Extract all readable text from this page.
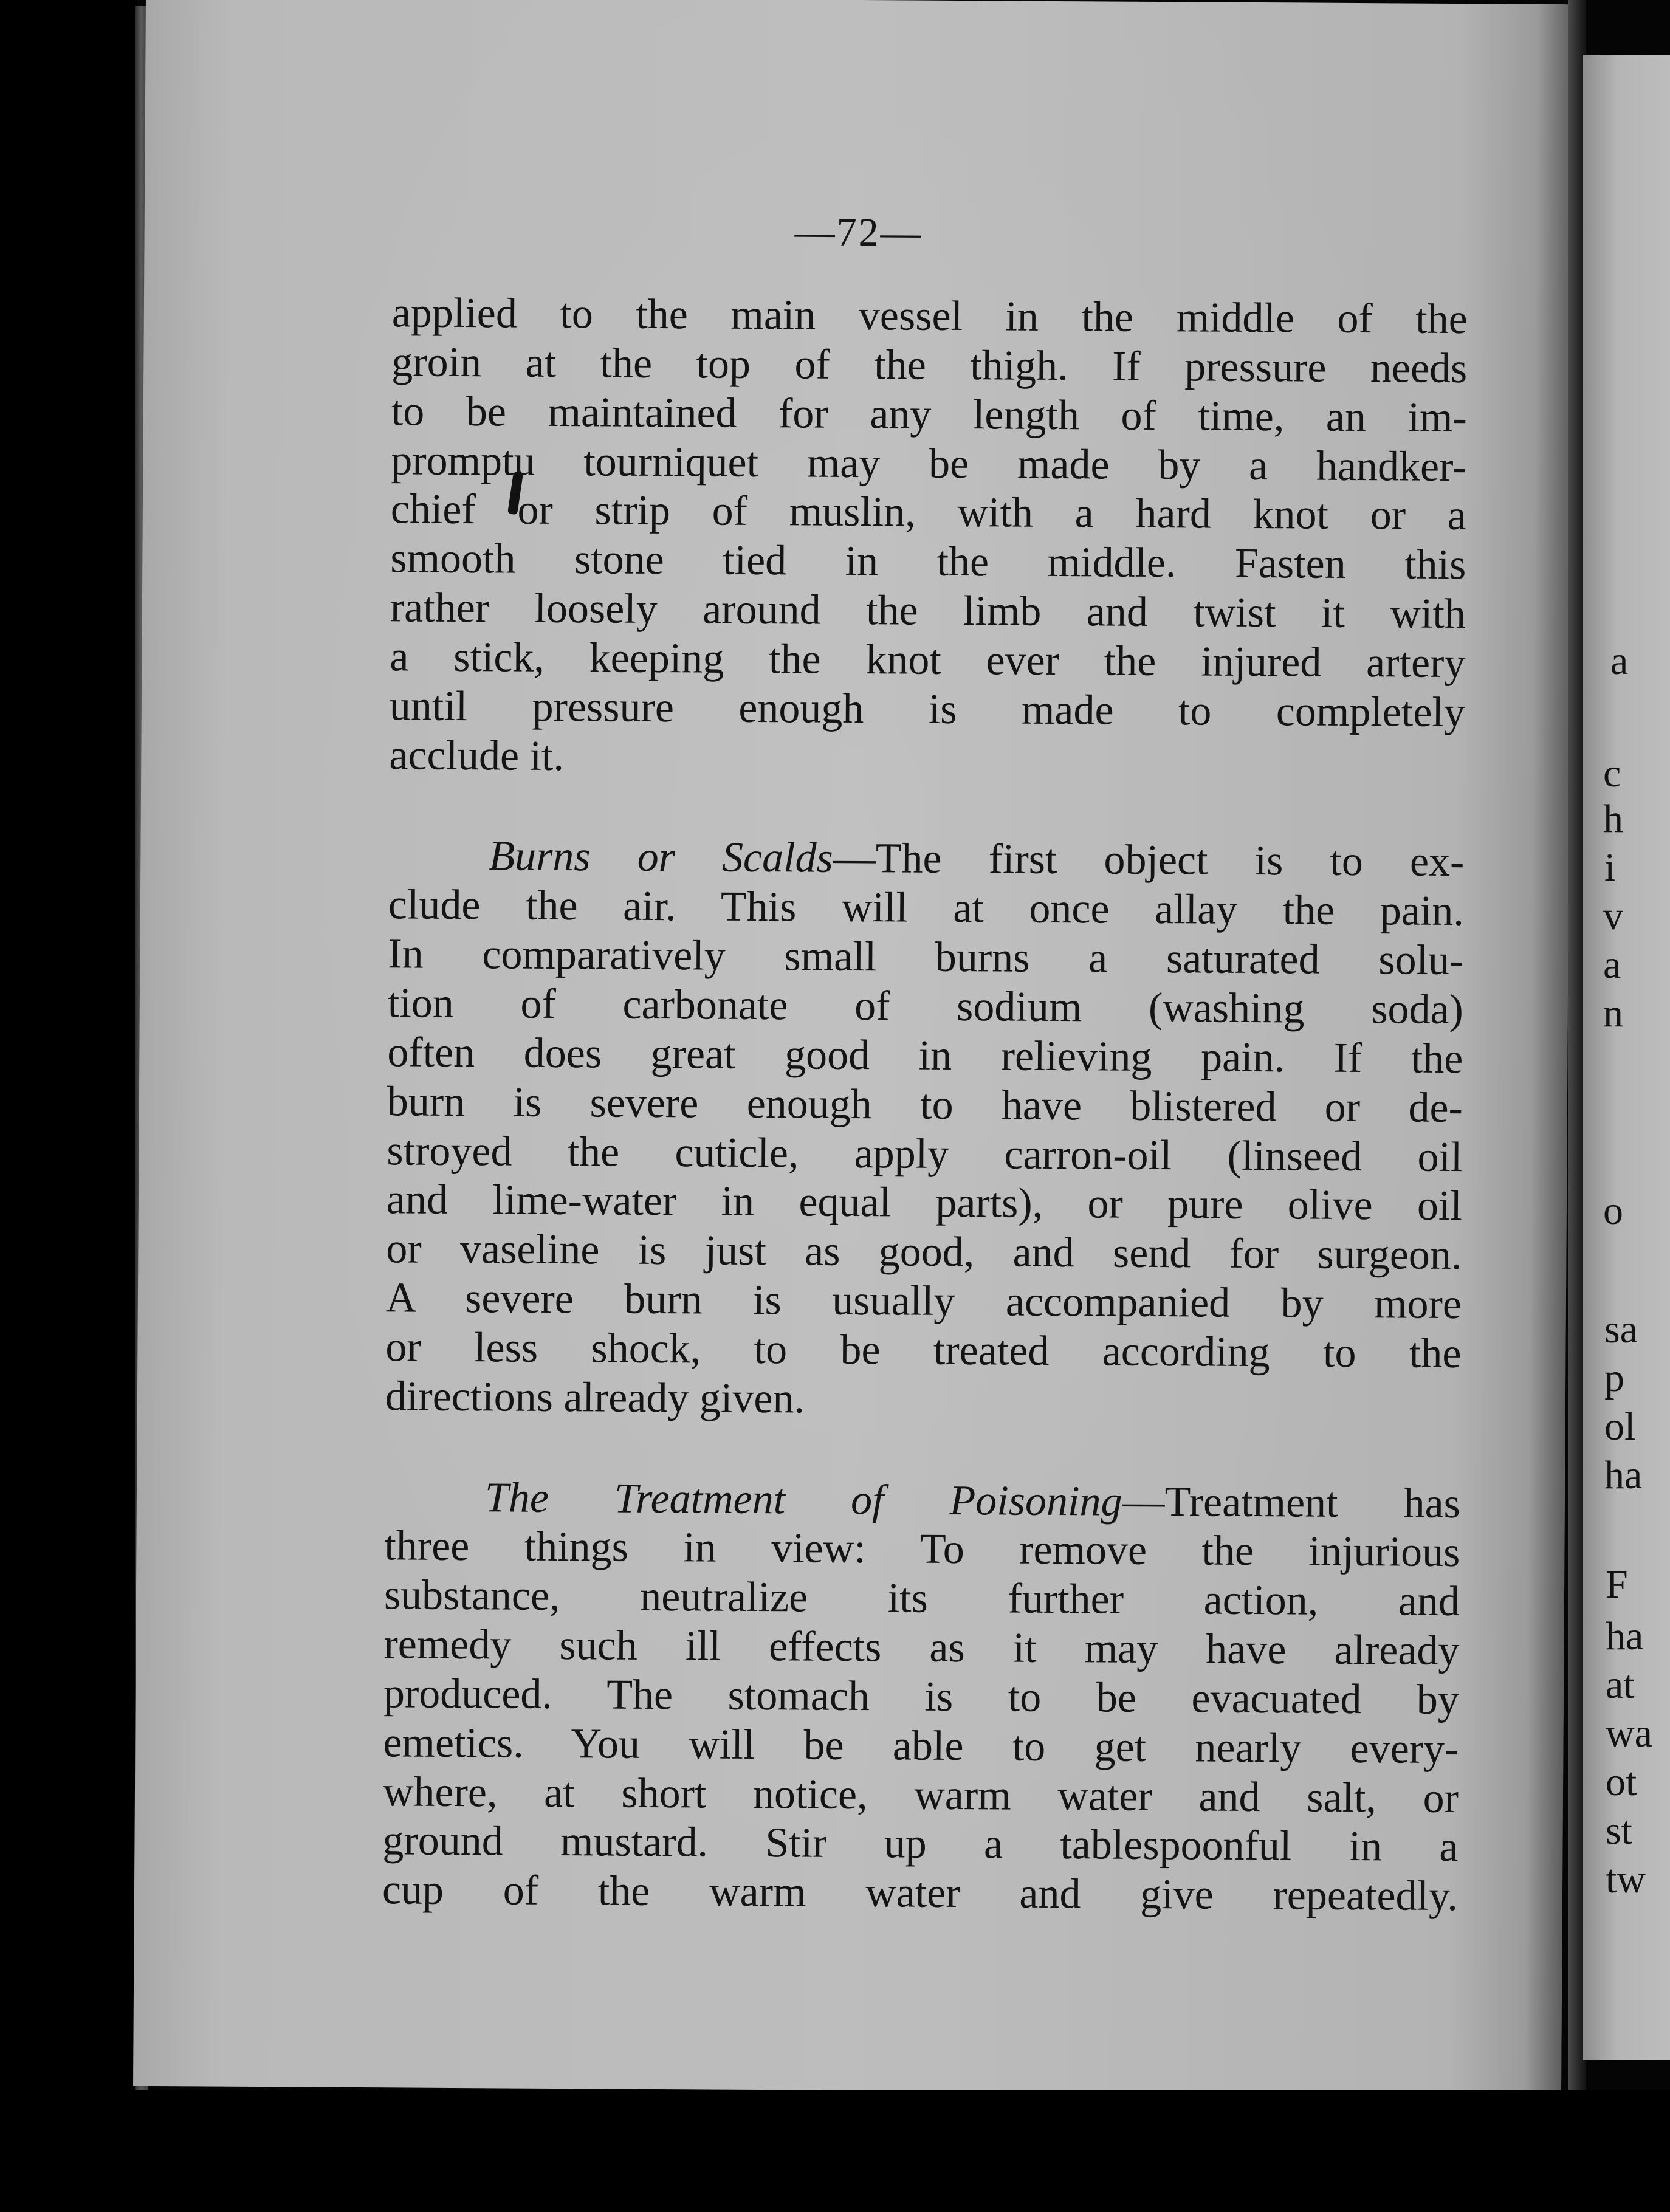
—72—
applied to the main vessel in the middle of the
groin at the top of the thigh. If pressure needs
to be maintained for any length of time, an im-
promptu tourniquet may be made by a handker-
chief or strip of muslin, with a hard knot or a
smooth stone tied in the middle. Fasten this
rather loosely around the limb and twist it with
a stick, keeping the knot ever the injured artery
until pressure enough is made to completely
acclude it.
Burns or Scalds—The first object is to ex-
clude the air. This will at once allay the pain.
In comparatively small burns a saturated solu-
tion of carbonate of sodium (washing soda)
often does great good in relieving pain. If the
burn is severe enough to have blistered or de-
stroyed the cuticle, apply carron-oil (linseed oil
and lime-water in equal parts), or pure olive oil
or vaseline is just as good, and send for surgeon.
A severe burn is usually accompanied by more
or less shock, to be treated according to the
directions already given.
The Treatment of Poisoning—Treatment has
three things in view: To remove the injurious
substance, neutralize its further action, and
remedy such ill effects as it may have already
produced. The stomach is to be evacuated by
emetics. You will be able to get nearly every-
where, at short notice, warm water and salt, or
ground mustard. Stir up a tablespoonful in a
cup of the warm water and give repeatedly.
a
c
h
i
v
a
n
o
sa
p
ol
ha
F
ha
at
wa
ot
st
tw
